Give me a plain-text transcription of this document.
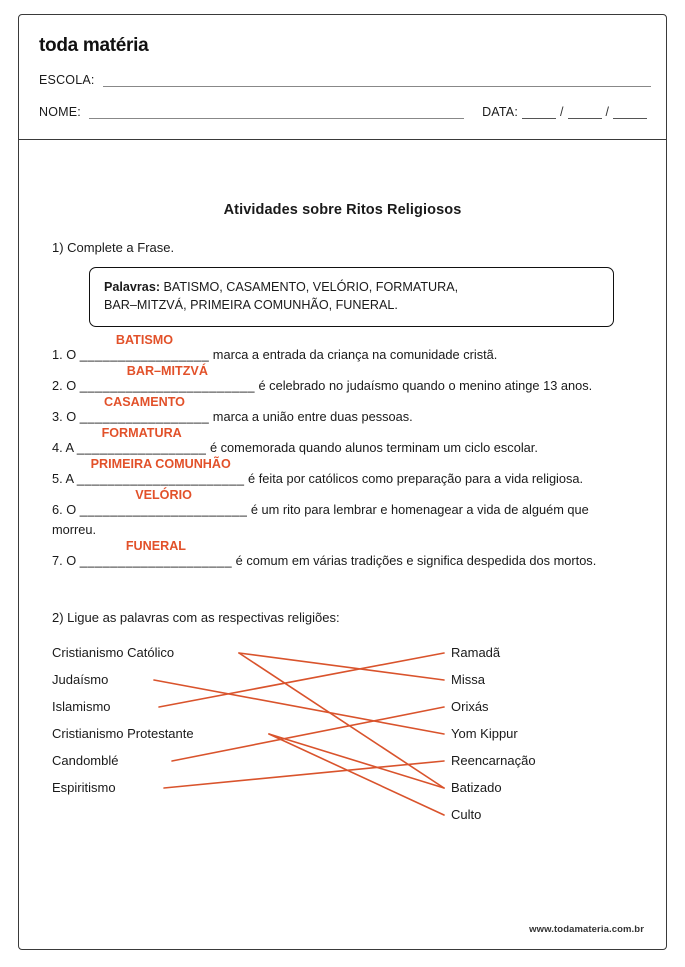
toda matéria
ESCOLA:
NOME:	DATA:	/	/
Atividades sobre Ritos Religiosos
1) Complete a Frase.
Palavras: BATISMO, CASAMENTO, VELÓRIO, FORMATURA,
BAR–MITZVÁ, PRIMEIRA COMUNHÃO, FUNERAL.
1. O _________________
BATISMO
marca a entrada da criança na comunidade cristã.
2. O _______________________
BAR–MITZVÁ
é celebrado no judaísmo quando o menino atinge 13 anos.
3. O _________________
CASAMENTO
marca a união entre duas pessoas.
4. A _________________
FORMATURA
é comemorada quando alunos terminam um ciclo escolar.
5. A ______________________
PRIMEIRA COMUNHÃO
é feita por católicos como preparação para a vida religiosa.
6. O ______________________
VELÓRIO
é um rito para lembrar e homenagear a vida de alguém que morreu.
7. O ____________________
FUNERAL
é comum em várias tradições e significa despedida dos mortos.
2) Ligue as palavras com as respectivas religiões:
Cristianismo Católico
Judaísmo
Islamismo
Cristianismo Protestante
Candomblé
Espiritismo
Ramadã
Missa
Orixás
Yom Kippur
Reencarnação
Batizado
Culto
www.todamateria.com.br
